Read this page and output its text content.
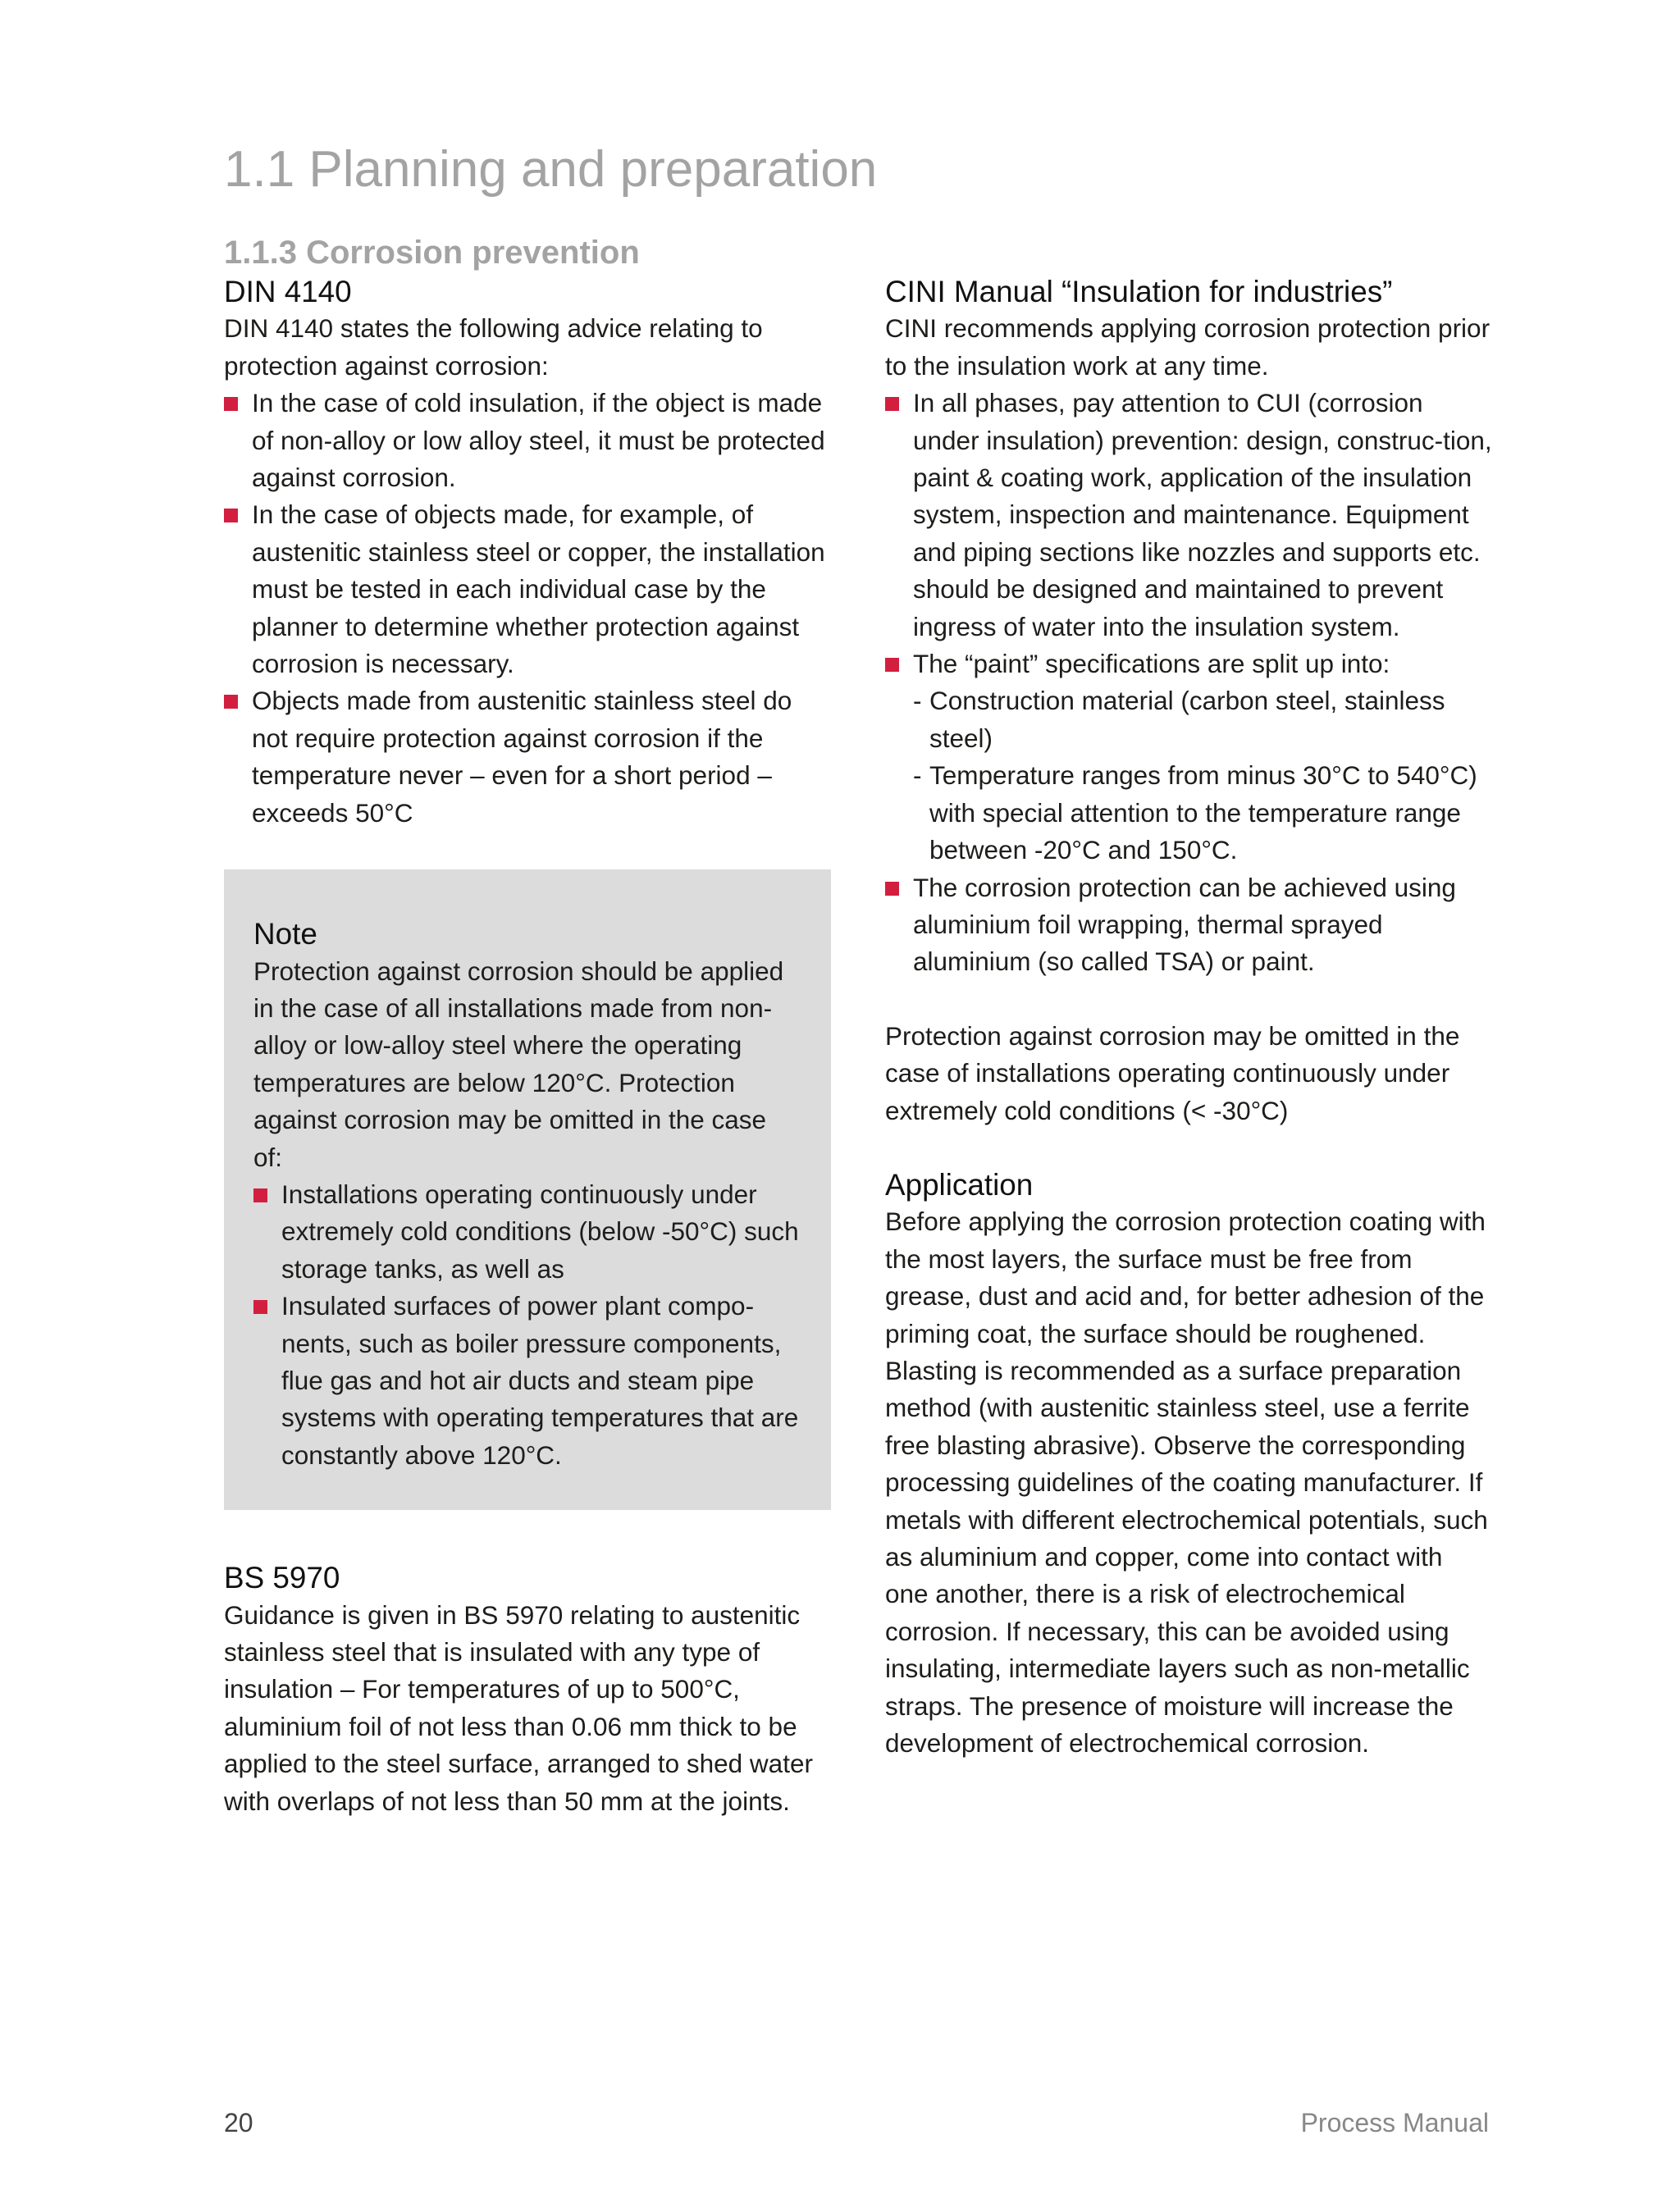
1.1 Planning and preparation
1.1.3 Corrosion prevention
DIN 4140

DIN 4140 states the following advice relating to protection against corrosion:

In the case of cold insulation, if the object is made of non-alloy or low alloy steel, it must be protected against corrosion.
In the case of objects made, for example, of austenitic stainless steel or copper, the installation must be tested in each individual case by the planner to determine whether protection against corrosion is necessary.
Objects made from austenitic stainless steel do not require protection against corrosion if the temperature never – even for a short period – exceeds 50°C
Note

Protection against corrosion should be applied in the case of all installations made from non-alloy or low-alloy steel where the operating temperatures are below 120°C. Protection against corrosion may be omitted in the case of:

Installations operating continuously under extremely cold conditions (below -50°C) such storage tanks, as well as
Insulated surfaces of power plant compo-nents, such as boiler pressure components, flue gas and hot air ducts and steam pipe systems with operating temperatures that are constantly above 120°C.
BS 5970

Guidance is given in BS 5970 relating to austenitic stainless steel that is insulated with any type of insulation – For temperatures of up to 500°C, aluminium foil of not less than 0.06 mm thick to be applied to the steel surface, arranged to shed water with overlaps of not less than 50 mm at the joints.

CINI Manual “Insulation for industries”

CINI recommends applying corrosion protection prior to the insulation work at any time.

In all phases, pay attention to CUI (corrosion under insulation) prevention: design, construc-tion, paint & coating work, application of the insulation system, inspection and maintenance. Equipment and piping sections like nozzles and supports etc. should be designed and maintained to prevent ingress of water into the insulation system.
The “paint” specifications are split up into:
- Construction material (carbon steel, stainless steel)
- Temperature ranges from minus 30°C to 540°C) with special attention to the temperature range between -20°C and 150°C.
The corrosion protection can be achieved using aluminium foil wrapping, thermal sprayed aluminium (so called TSA) or paint.

Protection against corrosion may be omitted in the case of installations operating continuously under extremely cold conditions (< -30°C)

Application

Before applying the corrosion protection coating with the most layers, the surface must be free from grease, dust and acid and, for better adhesion of the priming coat, the surface should be roughened. Blasting is recommended as a surface preparation method (with austenitic stainless steel, use a ferrite free blasting abrasive). Observe the corresponding processing guidelines of the coating manufacturer. If metals with different electrochemical potentials, such as aluminium and copper, come into contact with one another, there is a risk of electrochemical corrosion. If necessary, this can be avoided using insulating, intermediate layers such as non-metallic straps. The presence of moisture will increase the development of electrochemical corrosion.

20	Process Manual
